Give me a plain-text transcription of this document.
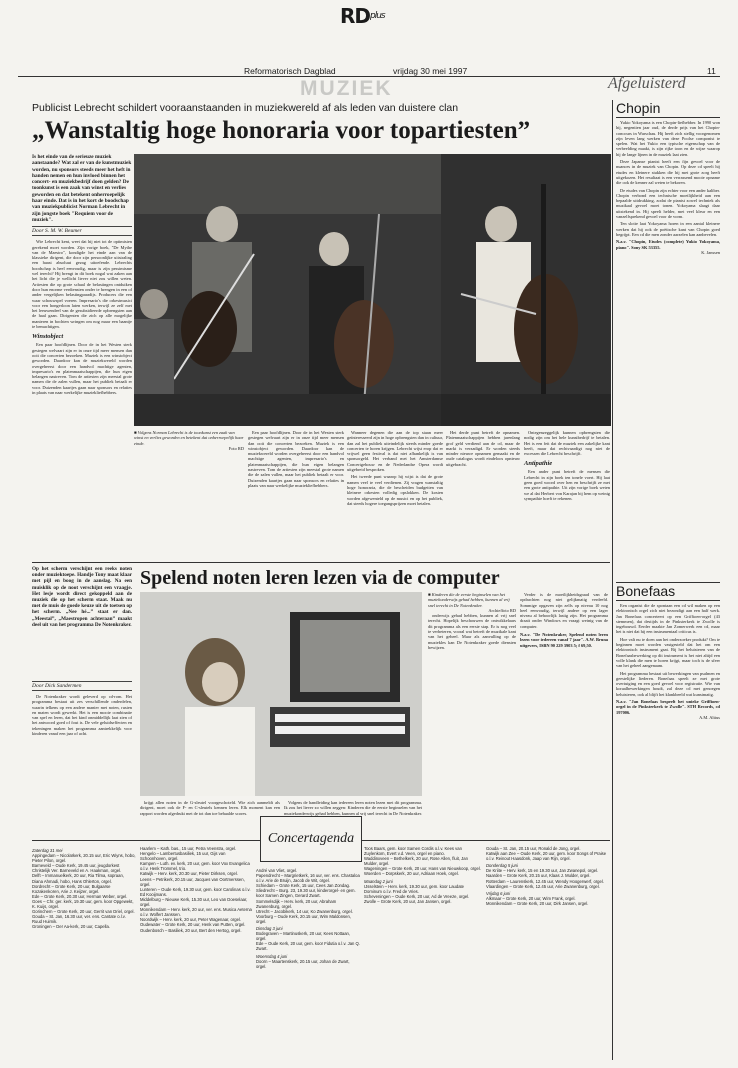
$RD^{plus}$
Reformatorisch Dagblad	vrijdag 30 mei 1997	11
MUZIEK	Afgeluisterd
Publicist Lebrecht schildert vooraanstaanden in muziekwereld af als leden van duistere clan
„Wanstaltig hoge honoraria voor topartiesten”
Is het einde van de serieuze muziek aanstaande? Wat zal er van de kunstmuziek worden, nu sponsors steeds meer het heft in handen nemen en hun invloed binnen het concert- en muziekbedrijf doen gelden? De toonkunst is een zaak van winst en verlies geworden en dat betekent onherroepelijk haar einde. Dat is in het kort de boodschap van muziekpublicist Norman Lebrecht in zijn jongste boek "Requiem voor de muziek".
Door S. M. W. Beumer

Wie Lebrecht kent, weet dat hij niet tot de optimisten gerekend moet worden. Zijn vorige boek, "De Mythe van de Maestro", kondigde het einde aan van de klassieke dirigent, die door zijn persoonlijke uitstraling een haast absoluut gezag uitoefende. Lebrechts boodschap is heel eenvoudig, maar is zijn pessimisme wel terecht? Hij brengt in dit boek nogal wat zaken aan het licht die je wellicht liever niet zou willen weten. Artiesten die op grote schaal de belastingen ontduiken door hun enorme verdiensten onder te brengen in een of ander vergelijken belastingparadijs. Producers die een waar schouwspel voeren. Impresario's die orkestmusici voor een hongerloon laten werken, terwijl ze zelf met het leeuwendeel van de gesubsidieerde opbrengsten aan de haal gaan. Dirigenten die zich op alle mogelijke manieren in bochten wringen om nog maar een baantje te bemachtigen.

Winstobject

Een paar hoofdlijnen. Door de in het Westen sterk gestegen welvaart zijn er in onze tijd meer mensen dan ooit die concerten bezoeken. Muziek is een winstobject geworden. Daardoor kan de muziekwereld worden overgeheerst door een handvol machtige agenten, impresario's en platenmaatschappijen, die hun eigen belangen nastreven. Tom de artiesten zijn meestal grote namen die de zalen vullen, maar het publiek betaalt er voor. Duizenden kaartjes gaan naar sponsors en relaties in plaats van naar werkelijke muziekliefhebbers.

■ Volgens Norman Lebrecht is de toonkunst een zaak van winst en verlies geworden en betekent dat onherroepelijk haar einde.
Foto RD

Een paar hoofdlijnen. Door de in het Westen sterk gestegen welvaart zijn er in onze tijd meer mensen dan ooit die concerten bezoeken. Muziek is een winstobject geworden. Daardoor kan de muziekwereld worden overgeheerst door een handvol machtige agenten, impresario's en platenmaatschappijen, die hun eigen belangen nastreven. Tom de artiesten zijn meestal grote namen die de zalen vullen, maar het publiek betaalt er voor. Duizenden kaartjes gaan naar sponsors en relaties in plaats van naar werkelijke muziekliefhebbers.

Wanneer degenen die aan de top staan meer geïnteresseerd zijn in hoge opbrengsten dan in cultuur, dan zal het publiek uiteindelijk steeds minder goede concerten te horen krijgen. Lebrecht wijst erop dat er vrijwel geen festival is dat niet afhankelijk is van sponsorgeld. Het verband met het Amsterdamse Concertgebouw en de Nederlandse Opera wordt uitgebreid besproken.

Het tweede punt waarop hij wijst is dat de grote namen veel te veel verdienen. Zij vragen wanstaltig hoge honoraria, die de bescheiden budgetten van kleinere orkesten volledig opslokken. De kosten worden afgewenteld op de musici en op het publiek, dat steeds hogere toegangsprijzen moet betalen.

Het derde punt betreft de opnamen. Platenmaatschappijen hebben jarenlang grof geld verdiend aan de cd, maar de markt is verzadigd. Er worden steeds minder nieuwe opnamen gemaakt en de oude catalogus wordt eindeloos opnieuw uitgebracht.

Ontegenzeggelijk kunnen opbrengsten die nodig zijn om het hele kunstbedrijf te betalen. Het is een feit dat de muziek een zakelijke kant heeft, maar dat rechtvaardigt nog niet de excessen die Lebrecht beschrijft.

Antipathie

Een ander punt betreft de mensen die Lebrecht in zijn boek ten tonele voert. Hij laat geen goed woord over hen en beschrijft ze met een grote antipathie. Uit zijn vorige boek weten we al dat Herbert von Karajan bij hem op weinig sympathie hoeft te rekenen.

Chopin

Yukio Yokoyama is een Chopin-liefhebber. In 1990 won hij, negentien jaar oud, de derde prijs van het Chopin-concours in Warschau. Hij heeft zich stellig voorgenomen zijn leven lang werken van deze Poolse componist te spelen. Wat het Yukio een typische eigenschap van de verbeelding maakt, is zijn rijke toon en de wijze waarop hij de lange lijnen in de muziek laat zien.

Deze Japanse pianist heeft een fijn gevoel voor de nuances in de muziek van Chopin. Op deze cd speelt hij etudes en kleinere stukken die hij met grote zorg heeft uitgekozen. Het resultaat is een verrassend mooie opname die ook de kenner zal weten te bekoren.

De etudes van Chopin zijn echter voor een ander kaliber. Chopin verbond een technische moeilijkheid aan een bepaalde uitdrukking, zodat de pianist zowel techniek als muzikaal gevoel moet tonen. Yokoyama slaagt daar uitstekend in. Hij speelt helder, met veel kleur en een vanzelfsprekend gevoel voor de vorm.

Ten slotte laat Yokoyama horen in een aantal kleinere werken dat hij ook de poëtische kant van Chopin goed begrijpt. Een cd die men zonder aarzelen kan aanbevelen.

N.a.v. "Chopin, Etudes (complete) Yukio Yokoyama, piano". Sony SK 53355.
K. Janssen
Bonefaas

Een organist die de spontaan een cd wil maken op een elektronisch orgel zich niet bezondigt aan een half werk. Jan Bonefaas concerteert op een Griffioen-orgel (43 stemmen), dat destijds in de Pinksterkerk te Zwolle is ingebouwd. Eerder maakte Jan Zomerwerk een cd, maar het is niet dat hij een instrumentaal criticus is.

Hoe valt nu te doen aan het onderzoeker produkt? Om te beginnen moet worden vastgesteld dat het om een elektronisch instrument gaat. Bij het beluisteren van de Bonefaasbewerking op dit instrument is het niet altijd een volle klank die men te horen krijgt, maar toch is de sfeer van het geheel aangenaam.

Het programma bestaat uit bewerkingen van psalmen en geestelijke liederen. Bonefaas speelt ze met grote overtuiging en een goed gevoel voor registratie. Wie van koraalbewerkingen houdt, zal deze cd met genoegen beluisteren, ook al blijft het klankbeeld wat kunstmatig.

N.a.v. "Jan Bonefaas bespeelt het unieke Griffioen-orgel in de Pinksterkerk te Zwolle". STH Records, cd 197006.
A.M. Altius
Op het scherm verschijnt een reeks noten onder muziektoepe. Handje Tony maat klaar met pijl en boog in de aanslag. Na een muisklik op de noot verschijnt een vraagje. Het lesje wordt direct gekoppeld aan de muziek die op het scherm staat. Maak nu met de muis de goede keuze uit de toetsen op het scherm. „Nee hé...” staat er dan. „Meestal”, „Maestropen achteraan” maakt deel uit van het programma De Notenkraker.
Spelend noten leren lezen via de computer
Door Dick Sandermen

De Notenkraker wordt geleverd op cd-rom. Het programma bestaat uit zes verschillende onderdelen, waarin telkens op een andere manier met noten, rusten en maten wordt gewerkt. Het is een mooie combinatie van spel en leren, dat het kind onmiddellijk laat zien of het antwoord goed of fout is. De vele geluidseffecten en tekeningen maken het programma aantrekkelijk voor kinderen vanaf een jaar of acht.

■ Kinderen die de eerste beginselen van het muziekonderwijs gehad hebben, kunnen al vrij snel terecht in De Notenkraker.
Archieffoto RD

onderwijs gehad hebben, kunnen al vrij snel terecht. Hopelijk beschouwen de ontwikkelaars dit programma als een eerste stap. Er is nog veel te verbeteren, vooral wat betreft de muzikale kant van het geheel. Maar als aanvulling op de muziekles kan De Notenkraker goede diensten bewijzen.

Verder is de moeilijkheidsgraad van de opdrachten nog niet gelijkmatig verdeeld. Sommige opgaven zijn zelfs op niveau 10 nog heel eenvoudig, terwijl andere op een lager niveau al behoorlijk lastig zijn. Het programma draait onder Windows en vraagt weinig van de computer.

N.a.v. "De Notenkraker, Spelend noten leren lezen voor iedereen vanaf 7 jaar". A.W. Bruna uitgevers, ISBN 90 229 3903 5; f 69,50.

krijgt allen noten in de G-sleutel voorgeschoteld. Wie zich aanmeldt als dirigent, moet ook de F- en C-sleutels kennen leren. Elk moment kan een rapport worden afgedrukt met de tot dan toe behaalde scores.

Volgens de handleiding kan iedereen leren noten lezen met dit programma. Ik zou het liever zo willen zeggen: Kinderen die de eerste beginselen van het muziekonderwijs gehad hebben, kunnen al vrij snel terecht in De Notenkraker.

Zaterdag 31 mei
Appingedam – Nicolaïkerk, 20.15 uur, Eric Wiyns, hobo, Pieter Pilon, orgel.
Barneveld – Oude Kerk, 19.45 uur, jeugdorkest Christelijk Ver. Barneveld en A. Haakman, orgel.
Delft – Immanuelkerk, 20 uur, Ria Tilma, sopraan, Diana Ahmadi, hobo, Hans Ohlerton, orgel.
Dordrecht – Grote Kerk, 20 uur, Bulgaarse Kozakenkoren, Arie J. Keijzer, orgel.
Ede – Grote Kerk, 20.30 uur, Herman Weber, orgel.
Goes – Chr. ger. kerk, 19.30 uur, gem. koor Opgewekt, K. Kuijs, orgel.
Gorinchem – Grote Kerk, 20 uur, Gerrit van Driel, orgel.
Gouda – St. Jan, 16.30 uur, ver. ens. Cantate o.l.v. Ruud Huirnik.
Groningen – Der Aa-kerk, 20 uur, Capella.
Haarlem – Kath. bas., 15 uur, Petra Veenstra, orgel.
Hengelo – Lambertusbasiliek, 15 uur, Gijs van Schoonhoven, orgel.
Kampen – Luth. ev. kerk, 20 uur, gem. koor Vox Evangelica o.l.v. Henk Trommel, trio.
Katwijk – Herv. kerk, 20.30 uur, Pieter Dirksen, orgel.
Leens – Petrikerk, 20.15 uur, Jacques van Oortmerssen, orgel.
Lunteren – Oude Kerk, 19.30 uur, gem. koor Carolinas o.l.v. Ed Kooijmans.
Middelburg – Nieuwe Kerk, 15.30 uur, Leo van Doeselaar, orgel.
Monnikendam – Herv. kerk, 20 uur, ver. ens. Musica Aeterna o.l.v. Wolfert Janssen.
Noordwijk – Herv. kerk, 20 uur, Peter Wagenaar, orgel.
Oudewater – Grote Kerk, 20 uur, Henk van Putten, orgel.
Oudenbosch – Basiliek, 20 uur, Bert den Hertog, orgel.
Concertagenda
André van Vliet, orgel.
Papendrecht – Margrietkerk, 16 uur, ver. ens. Chastaloa o.l.v. Arie de Bruijn, Jacob de Wit, orgel.
Schiedam – Grote Kerk, 15 uur, Cees Jan Zondag.
Sliedrecht – Burg. 23, 19.30 uur, kinderorgel- en gem. koor Samen Zingen, Gerard Zwart.
Sommelsdijk – Herv. kerk, 20 uur, Abraham Zwanenburg, orgel.
Utrecht – Jacobikerk, 14 uur, Ko Zwanenburg, orgel.
Voorburg – Oude Kerk, 20.15 uur, Wim Maldonsen, orgel.
Dinsdag 3 juni
Bodegraven – Martinuskerk, 20 uur, Kees Nottaan, orgel.
Ede – Oude Kerk, 20 uur, gem. koor Fidutia o.l.v. Jan Q. Zwart.
Woensdag 4 juni
Doorn – Maartenskerk, 20.15 uur, Johan de Zwart, orgel.
Toos Baars, gem. koor Samen Cordis o.l.v. Kees van Zuylenkom, Evert v.d. Veen, orgel en piano.
Waddinxveen – Bethelkerk, 20 uur, Rose Allen, fluit, Jan Mulder, orgel.
Wageningen – Grote Kerk, 20 uur, Hans van Nieuwkoop, orgel.
Woerden – Dorpskerk, 20 uur, Adriaan Hoek, orgel.
Maandag 2 juni
IJsselstein – Herv. kerk, 19.30 uur, gem. koor Laudate Dominum o.l.v. Fred de Vries.
Scheveningen – Oude Kerk, 20 uur, Ad de Vreeze, orgel.
Zwolle – Grote Kerk, 20 uur, Jan Jansen, orgel.
Gouda – St. Jan, 20.15 uur, Ronald de Jong, orgel.
Katwijk aan Zee – Oude Kerk, 20 uur, gem. koor Songs of Praise o.l.v. Reinout Haasdonk, Jaap van Rijn, orgel.
Donderdag 5 juni
De Kriite – Herv. kerk, 15 en 19.30 uur, Jan Zwanepol, orgel.
Naarden – Grote Kerk, 20.15 uur, Klaas J. Mulder, orgel.
Rotterdam – Laurenskerk, 12.45 uur, Wendy Hoogerwerf, orgel.
Vlaardingen – Grote Kerk, 12.45 uur, Arie Zwanenburg, orgel.
Vrijdag 6 juni
Alkmaar – Grote Kerk, 20 uur, Wim Frank, orgel.
Monnikendam – Grote Kerk, 20 uur, Dirk Jansen, orgel.
